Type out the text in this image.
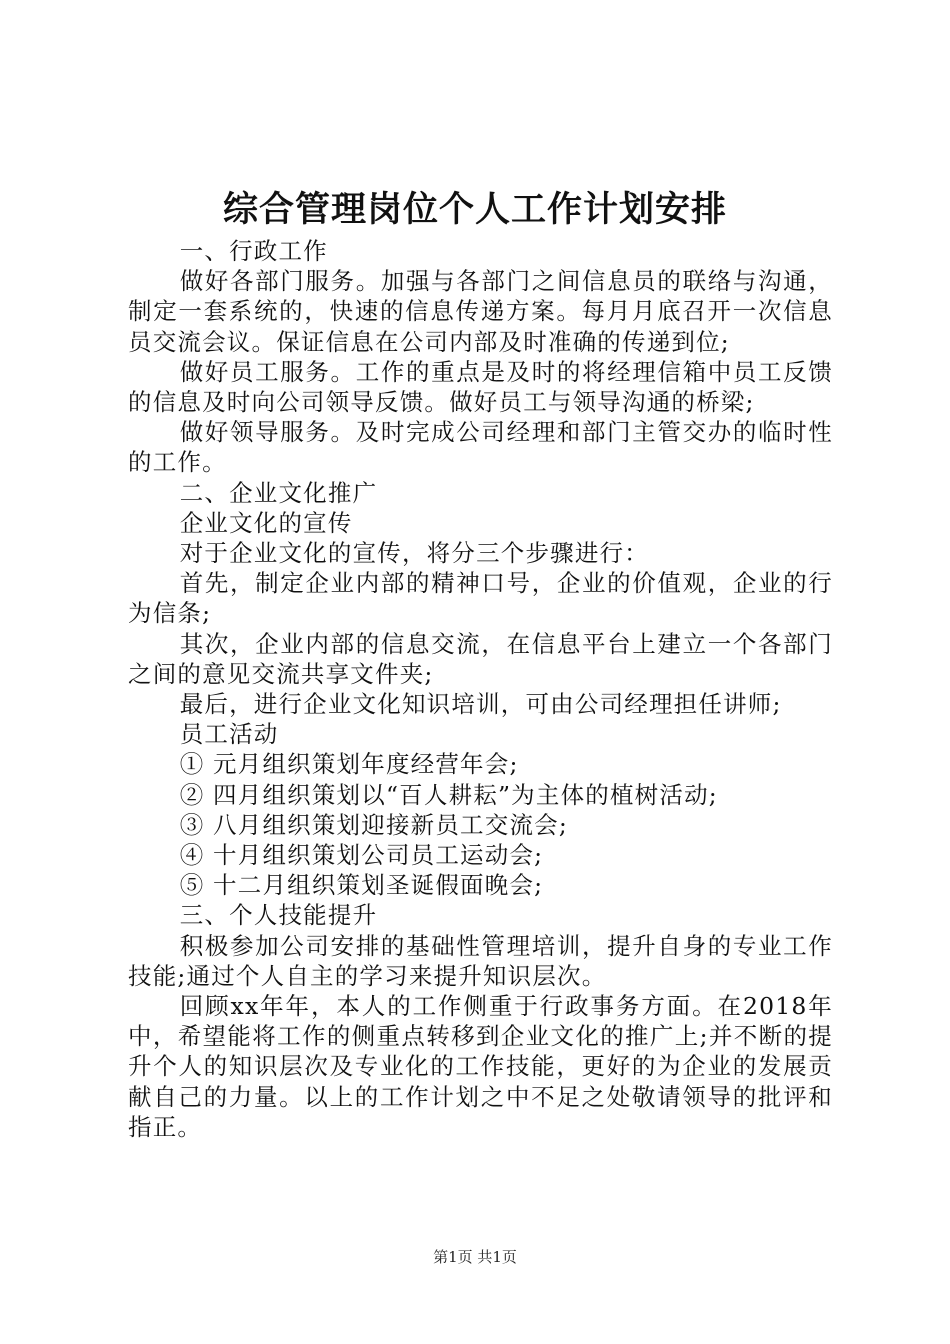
综合管理岗位个人工作计划安排

一、行政工作

做好各部门服务。加强与各部门之间信息员的联络与沟通，制定一套系统的，快速的信息传递方案。每月月底召开一次信息员交流会议。保证信息在公司内部及时准确的传递到位;

做好员工服务。工作的重点是及时的将经理信箱中员工反馈的信息及时向公司领导反馈。做好员工与领导沟通的桥梁;

做好领导服务。及时完成公司经理和部门主管交办的临时性的工作。

二、企业文化推广

企业文化的宣传

对于企业文化的宣传，将分三个步骤进行：

首先，制定企业内部的精神口号，企业的价值观，企业的行为信条;

其次，企业内部的信息交流，在信息平台上建立一个各部门之间的意见交流共享文件夹;

最后，进行企业文化知识培训，可由公司经理担任讲师;

员工活动

① 元月组织策划年度经营年会;

② 四月组织策划以“百人耕耘”为主体的植树活动;

③ 八月组织策划迎接新员工交流会;

④ 十月组织策划公司员工运动会;

⑤ 十二月组织策划圣诞假面晚会;

三、个人技能提升

积极参加公司安排的基础性管理培训，提升自身的专业工作技能;通过个人自主的学习来提升知识层次。

回顾xx年年，本人的工作侧重于行政事务方面。在2018年中，希望能将工作的侧重点转移到企业文化的推广上;并不断的提升个人的知识层次及专业化的工作技能，更好的为企业的发展贡献自己的力量。以上的工作计划之中不足之处敬请领导的批评和指正。

第1页 共1页
